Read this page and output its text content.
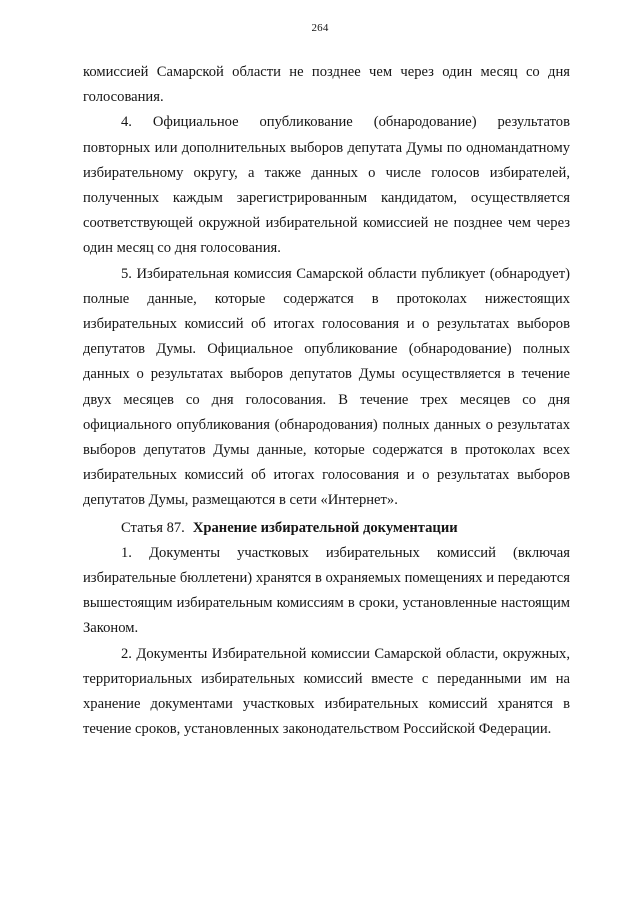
264

комиссией Самарской области не позднее чем через один месяц со дня голосования.

4. Официальное опубликование (обнародование) результатов повторных или дополнительных выборов депутата Думы по одномандатному избирательному округу, а также данных о числе голосов избирателей, полученных каждым зарегистрированным кандидатом, осуществляется соответствующей окружной избирательной комиссией не позднее чем через один месяц со дня голосования.

5. Избирательная комиссия Самарской области публикует (обнародует) полные данные, которые содержатся в протоколах нижестоящих избирательных комиссий об итогах голосования и о результатах выборов депутатов Думы. Официальное опубликование (обнародование) полных данных о результатах выборов депутатов Думы осуществляется в течение двух месяцев со дня голосования. В течение трех месяцев со дня официального опубликования (обнародования) полных данных о результатах выборов депутатов Думы данные, которые содержатся в протоколах всех избирательных комиссий об итогах голосования и о результатах выборов депутатов Думы, размещаются в сети «Интернет».

Статья 87. Хранение избирательной документации

1. Документы участковых избирательных комиссий (включая избирательные бюллетени) хранятся в охраняемых помещениях и передаются вышестоящим избирательным комиссиям в сроки, установленные настоящим Законом.

2. Документы Избирательной комиссии Самарской области, окружных, территориальных избирательных комиссий вместе с переданными им на хранение документами участковых избирательных комиссий хранятся в течение сроков, установленных законодательством Российской Федерации.
